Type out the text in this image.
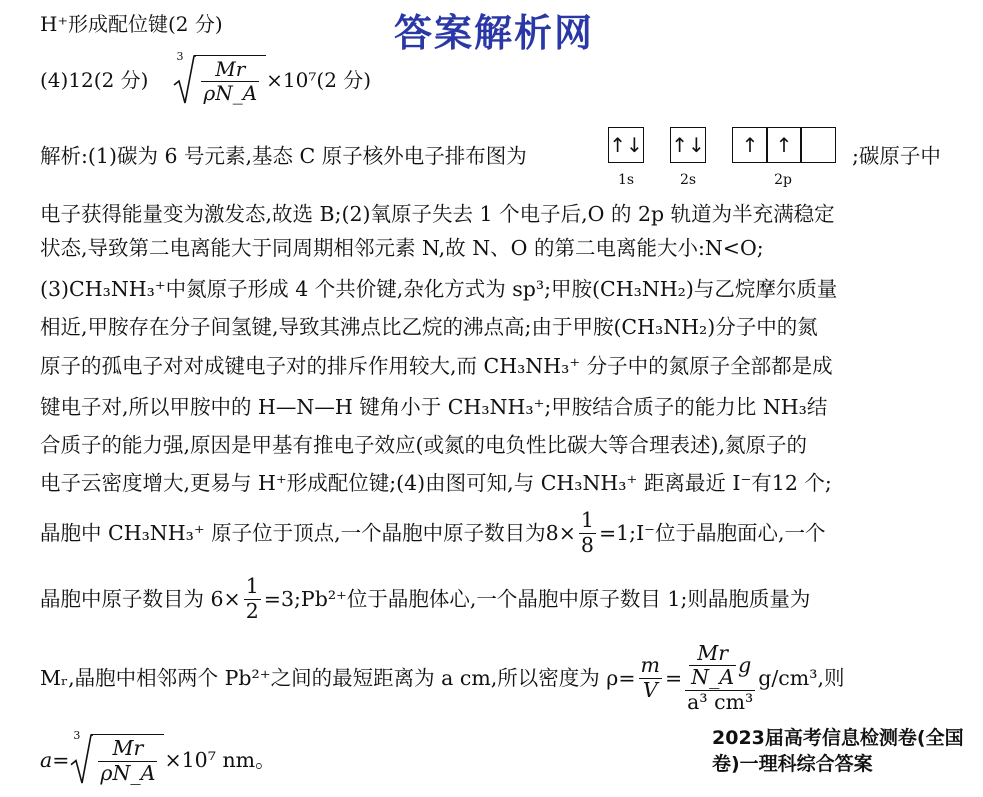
答案解析网
H⁺形成配位键(2 分)
(4)12(2 分)
3
$\frac{Mr}{\rho N\_A} \times 10^7(2$ 分)
解析:(1)碳为 6 号元素,基态 C 原子核外电子排布图为	↑↓ ↑↓	↑ ↑
1s	2s	2p
;碳原子中
电子获得能量变为激发态,故选 B;(2)氧原子失去 1 个电子后,O 的 2p 轨道为半充满稳定
状态,导致第二电离能大于同周期相邻元素 N,故 N、O 的第二电离能大小:N<O;
(3)CH₃NH₃⁺中氮原子形成 4 个共价键,杂化方式为 sp³;甲胺(CH₃NH₂)与乙烷摩尔质量
相近,甲胺存在分子间氢键,导致其沸点比乙烷的沸点高;由于甲胺(CH₃NH₂)分子中的氮
原子的孤电子对对成键电子对的排斥作用较大,而 CH₃NH₃⁺ 分子中的氮原子全部都是成
键电子对,所以甲胺中的 H—N—H 键角小于 CH₃NH₃⁺;甲胺结合质子的能力比 NH₃结
合质子的能力强,原因是甲基有推电子效应(或氮的电负性比碳大等合理表述),氮原子的
电子云密度增大,更易与 H⁺形成配位键;(4)由图可知,与 CH₃NH₃⁺ 距离最近 I⁻有12 个;
晶胞中 CH₃NH₃⁺ 原子位于顶点,一个晶胞中原子数目为$8\times \frac{1}{8}$ =1;I⁻位于晶胞面心,一个
晶胞中原子数目为 $6\times \frac{1}{2}$ =3;Pb²⁺位于晶胞体心,一个晶胞中原子数目 1;则晶胞质量为
Mᵣ,晶胞中相邻两个 Pb²⁺之间的最短距离为 a cm,所以密度为 $\rho= \frac{m}{V} = \frac{\frac{Mr}{N\_A} g}{\text{a³ cm³}} g/cm^3$,则
a=
3
$\frac{Mr}{\rho N\_A} \times 10^7$ nm。
2023届高考信息检测卷(全国
卷)一理科综合答案
